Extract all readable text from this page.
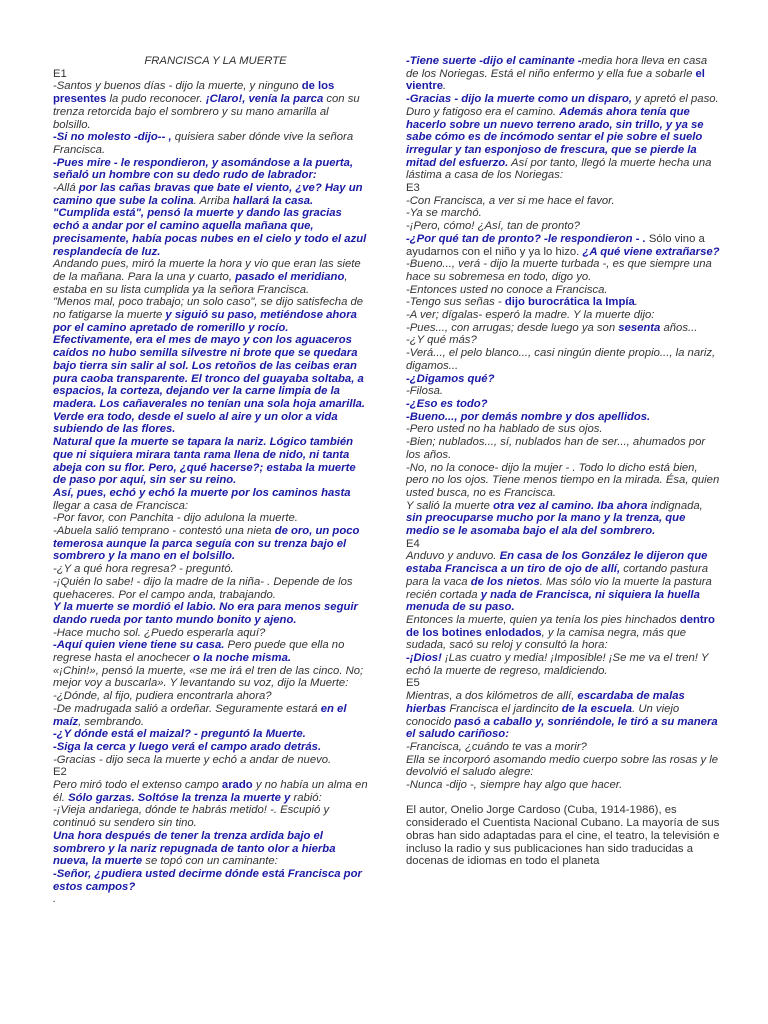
FRANCISCA Y LA MUERTE

E1

-Santos y buenos días - dijo la muerte, y ninguno de los presentes la pudo reconocer. ¡Claro!, venía la parca con su trenza retorcida bajo el sombrero y su mano amarilla al bolsillo.

-Si no molesto -dijo-- , quisiera saber dónde vive la señora Francisca.

-Pues mire - le respondieron, y asomándose a la puerta, señaló un hombre con su dedo rudo de labrador:

-Allá por las cañas bravas que bate el viento, ¿ve? Hay un camino que sube la colina. Arriba hallará la casa.

"Cumplida está", pensó la muerte y dando las gracias echó a andar por el camino aquella mañana que, precisamente, había pocas nubes en el cielo y todo el azul resplandecía de luz.

Andando pues, miró la muerte la hora y vio que eran las siete de la mañana. Para la una y cuarto, pasado el meridiano, estaba en su lista cumplida ya la señora Francisca.

"Menos mal, poco trabajo; un solo caso", se dijo satisfecha de no fatigarse la muerte y siguió su paso, metiéndose ahora por el camino apretado de romerillo y rocío. Efectivamente, era el mes de mayo y con los aguaceros caídos no hubo semilla silvestre ni brote que se quedara bajo tierra sin salir al sol. Los retoños de las ceibas eran pura caoba transparente. El tronco del guayaba soltaba, a espacios, la corteza, dejando ver la carne limpia de la madera. Los cañaverales no tenían una sola hoja amarilla. Verde era todo, desde el suelo al aire y un olor a vida subiendo de las flores.

Natural que la muerte se tapara la nariz. Lógico también que ni siquiera mirara tanta rama llena de nido, ni tanta abeja con su flor. Pero, ¿qué hacerse?; estaba la muerte de paso por aquí, sin ser su reino.

Así, pues, echó y echó la muerte por los caminos hasta llegar a casa de Francisca:

-Por favor, con Panchita - dijo adulona la muerte.

-Abuela salió temprano - contestó una nieta de oro, un poco temerosa aunque la parca seguía con su trenza bajo el sombrero y la mano en el bolsillo.

-¿Y a qué hora regresa? - preguntó.

-¡Quién lo sabe! - dijo la madre de la niña- . Depende de los quehaceres. Por el campo anda, trabajando.

Y la muerte se mordió el labio. No era para menos seguir dando rueda por tanto mundo bonito y ajeno.

-Hace mucho sol. ¿Puedo esperarla aquí?

-Aquí quien viene tiene su casa. Pero puede que ella no regrese hasta el anochecer o la noche misma.

«¡Chin!», pensó la muerte, «se me irá el tren de las cinco. No; mejor voy a buscarla». Y levantando su voz, dijo la Muerte:

-¿Dónde, al fijo, pudiera encontrarla ahora?

-De madrugada salió a ordeñar. Seguramente estará en el maíz, sembrando.

-¿Y dónde está el maizal? - preguntó la Muerte.

-Siga la cerca y luego verá el campo arado detrás.

-Gracias - dijo seca la muerte y echó a andar de nuevo.

E2

Pero miró todo el extenso campo arado y no había un alma en él. Sólo garzas. Soltóse la trenza la muerte y rabió:

-¡Vieja andariega, dónde te habrás metido! -. Escupió y continuó su sendero sin tino.

Una hora después de tener la trenza ardida bajo el sombrero y la nariz repugnada de tanto olor a hierba nueva, la muerte se topó con un caminante:

-Señor, ¿pudiera usted decirme dónde está Francisca por estos campos?

.

-Tiene suerte -dijo el caminante -media hora lleva en casa de los Noriegas. Está el niño enfermo y ella fue a sobarle el vientre.

-Gracias - dijo la muerte como un disparo, y apretó el paso.

Duro y fatigoso era el camino. Además ahora tenía que hacerlo sobre un nuevo terreno arado, sin trillo, y ya se sabe cómo es de incómodo sentar el pie sobre el suelo irregular y tan esponjoso de frescura, que se pierde la mitad del esfuerzo. Así por tanto, llegó la muerte hecha una lástima a casa de los Noriegas:

E3

-Con Francisca, a ver si me hace el favor.

-Ya se marchó.

-¡Pero, cómo! ¿Así, tan de pronto?

-¿Por qué tan de pronto? -le respondieron - . Sólo vino a ayudarnos con el niño y ya lo hizo. ¿A qué viene extrañarse?

-Bueno..., verá - dijo la muerte turbada -, es que siempre una hace su sobremesa en todo, digo yo.

-Entonces usted no conoce a Francisca.

-Tengo sus señas - dijo burocrática la Impía.

-A ver; dígalas- esperó la madre. Y la muerte dijo:

-Pues..., con arrugas; desde luego ya son sesenta años...

-¿Y qué más?

-Verá..., el pelo blanco..., casi ningún diente propio..., la nariz, digamos...

-¿Digamos qué?

-Filosa.

-¿Eso es todo?

-Bueno..., por demás nombre y dos apellidos.

-Pero usted no ha hablado de sus ojos.

-Bien; nublados..., sí, nublados han de ser..., ahumados por los años.

-No, no la conoce- dijo la mujer - . Todo lo dicho está bien, pero no los ojos. Tiene menos tiempo en la mirada. Ésa, quien usted busca, no es Francisca.

Y salió la muerte otra vez al camino. Iba ahora indignada, sin preocuparse mucho por la mano y la trenza, que medio se le asomaba bajo el ala del sombrero.

E4

Anduvo y anduvo. En casa de los González le dijeron que estaba Francisca a un tiro de ojo de allí, cortando pastura para la vaca de los nietos. Mas sólo vio la muerte la pastura recién cortada y nada de Francisca, ni siquiera la huella menuda de su paso.

Entonces la muerte, quien ya tenía los pies hinchados dentro de los botines enlodados, y la camisa negra, más que sudada, sacó su reloj y consultó la hora:

-¡Dios! ¡Las cuatro y media! ¡Imposible! ¡Se me va el tren! Y echó la muerte de regreso, maldiciendo.

E5

Mientras, a dos kilómetros de allí, escardaba de malas hierbas Francisca el jardincito de la escuela. Un viejo conocido pasó a caballo y, sonriéndole, le tiró a su manera el saludo cariñoso:

-Francisca, ¿cuándo te vas a morir?

Ella se incorporó asomando medio cuerpo sobre las rosas y le devolvió el saludo alegre:

-Nunca -dijo -, siempre hay algo que hacer.

El autor, Onelio Jorge Cardoso (Cuba, 1914-1986), es considerado el Cuentista Nacional Cubano. La mayoría de sus obras han sido adaptadas para el cine, el teatro, la televisión e incluso la radio y sus publicaciones han sido traducidas a docenas de idiomas en todo el planeta
